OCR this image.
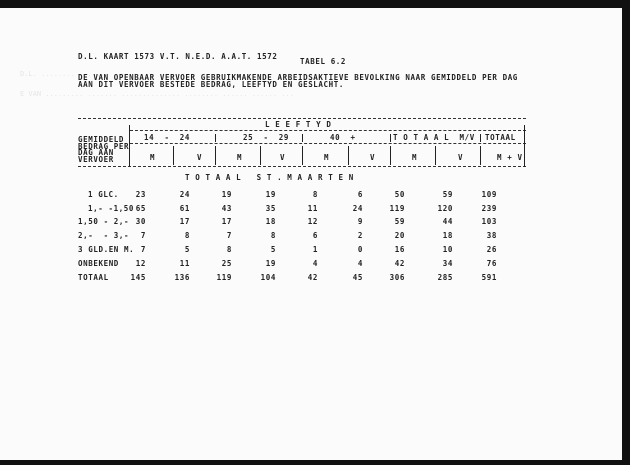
D.L. ........ ... ...
E VAN ......... ....... .............. ........ ...... ...... ...
D.L. KAART 1573 V.T. N.E.D. A.A.T. 1572
TABEL 6.2
DE VAN OPENBAAR VERVOER GEBRUIKMAKENDE ARBEIDSAKTIEVE BEVOLKING NAAR GEMIDDELD PER DAG
AAN DIT VERVOER BESTEDE BEDRAG, LEEFTYD EN GESLACHT.
L E E F T Y D
GEMIDDELD
BEDRAG PER
DAG AAN
VERVOER
14  -  24	25  -  29	40  +	T O T A A L  M/V TOTAAL
T O T A A L   S T . M A A R T E N
M	V	M	V	M	V	M	V	M + V
1 GLC.	23	24	19	19	8	6	50	59	109
1,- -1,50 65	61	43	35	11	24	119	120	239
1,50 - 2,- 30	17	17	18	12	9	59	44	103
2,-  - 3,-	7	8	7	8	6	2	20	18	38
3 GLD.EN M. 7	5	8	5	1	0	16	10	26
ONBEKEND	12	11	25	19	4	4	42	34	76
TOTAAL	145	136	119	104	42	45	306	285	591
